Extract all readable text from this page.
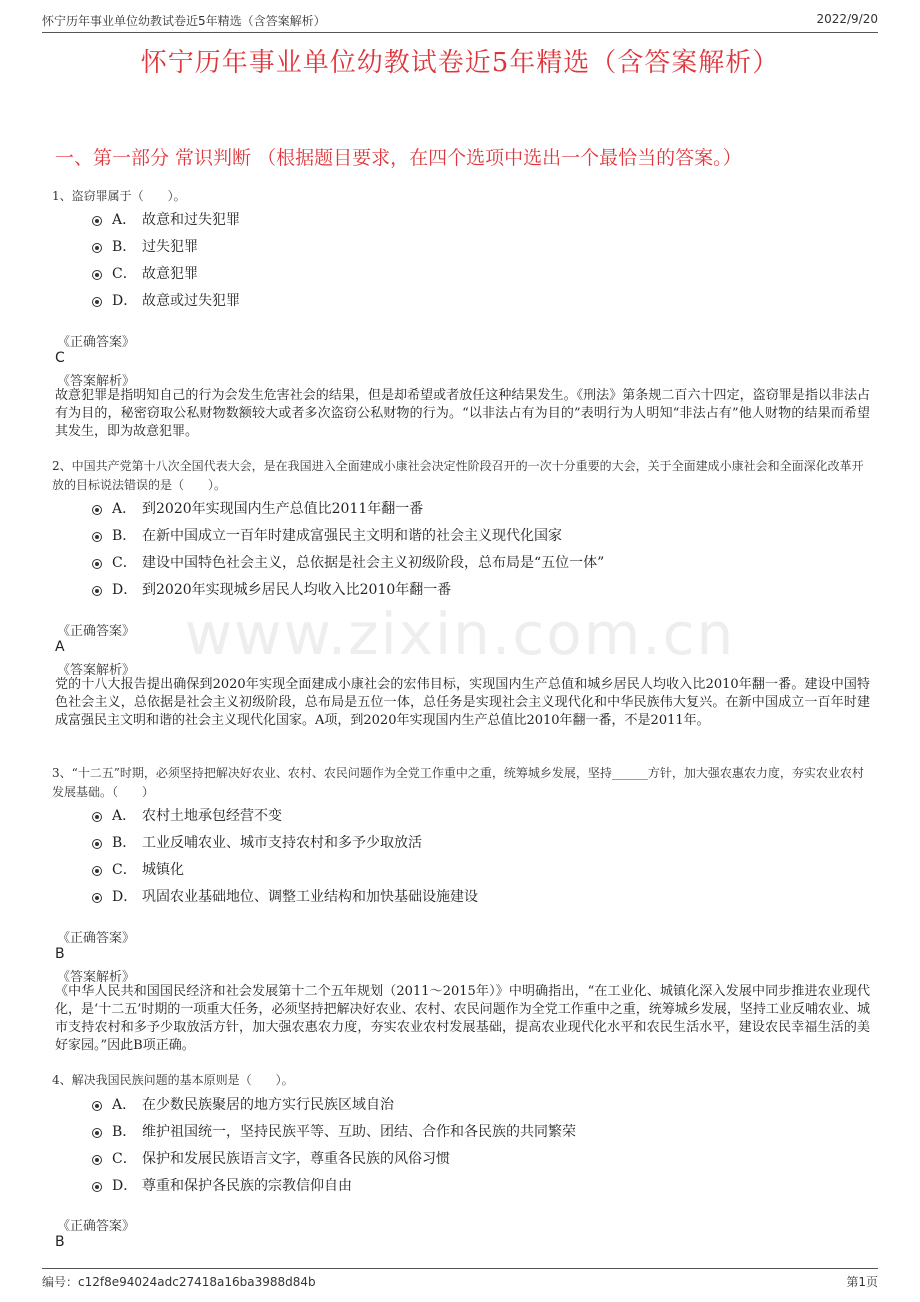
怀宁历年事业单位幼教试卷近5年精选（含答案解析）	2022/9/20
怀宁历年事业单位幼教试卷近5年精选（含答案解析）
一、第一部分 常识判断 （根据题目要求，在四个选项中选出一个最恰当的答案。）
www.zixin.com.cn
1、盗窃罪属于（　　）。
A． 故意和过失犯罪
B． 过失犯罪
C． 故意犯罪
D． 故意或过失犯罪
《正确答案》
C
《答案解析》
故意犯罪是指明知自己的行为会发生危害社会的结果，但是却希望或者放任这种结果发生。《刑法》第条规二百六十四定，盗窃罪是指以非法占有为目的，秘密窃取公私财物数额较大或者多次盗窃公私财物的行为。“以非法占有为目的”表明行为人明知“非法占有”他人财物的结果而希望其发生，即为故意犯罪。
2、中国共产党第十八次全国代表大会，是在我国进入全面建成小康社会决定性阶段召开的一次十分重要的大会，关于全面建成小康社会和全面深化改革开放的目标说法错误的是（　　）。
A． 到2020年实现国内生产总值比2011年翻一番
B． 在新中国成立一百年时建成富强民主文明和谐的社会主义现代化国家
C． 建设中国特色社会主义，总依据是社会主义初级阶段，总布局是“五位一体”
D． 到2020年实现城乡居民人均收入比2010年翻一番
《正确答案》
A
《答案解析》
党的十八大报告提出确保到2020年实现全面建成小康社会的宏伟目标，实现国内生产总值和城乡居民人均收入比2010年翻一番。建设中国特色社会主义，总依据是社会主义初级阶段，总布局是五位一体，总任务是实现社会主义现代化和中华民族伟大复兴。在新中国成立一百年时建成富强民主文明和谐的社会主义现代化国家。A项，到2020年实现国内生产总值比2010年翻一番，不是2011年。
3、“十二五”时期，必须坚持把解决好农业、农村、农民问题作为全党工作重中之重，统筹城乡发展，坚持______方针，加大强农惠农力度，夯实农业农村发展基础。（　　）
A． 农村土地承包经营不变
B． 工业反哺农业、城市支持农村和多予少取放活
C． 城镇化
D． 巩固农业基础地位、调整工业结构和加快基础设施建设
《正确答案》
B
《答案解析》
《中华人民共和国国民经济和社会发展第十二个五年规划（2011～2015年）》中明确指出，“在工业化、城镇化深入发展中同步推进农业现代化，是‘十二五’时期的一项重大任务，必须坚持把解决好农业、农村、农民问题作为全党工作重中之重，统筹城乡发展，坚持工业反哺农业、城市支持农村和多予少取放活方针，加大强农惠农力度，夯实农业农村发展基础，提高农业现代化水平和农民生活水平，建设农民幸福生活的美好家园。”因此B项正确。
4、解决我国民族问题的基本原则是（　　）。
A． 在少数民族聚居的地方实行民族区域自治
B． 维护祖国统一，坚持民族平等、互助、团结、合作和各民族的共同繁荣
C． 保护和发展民族语言文字，尊重各民族的风俗习惯
D． 尊重和保护各民族的宗教信仰自由
《正确答案》
B
编号：c12f8e94024adc27418a16ba3988d84b	第1页
